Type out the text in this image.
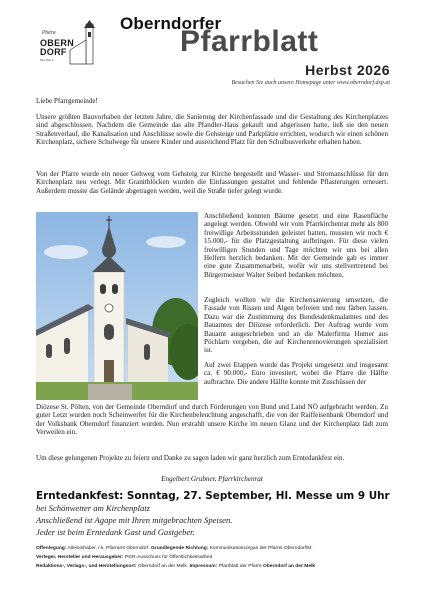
Pfarre
OBERN
DORF
BEI MELK
Oberndorfer
Pfarrblatt
Herbst 2026
Besuchen Sie auch unsere Homepage unter www.oberndorf.dsp.at
Liebe Pfarrgemeinde!
Unsere größten Bauvorhaben der letzten Jahre, die Sanierung der Kirchenfassade und die Gestaltung des Kirchenplatzes sind abgeschlossen. Nachdem die Gemeinde das alte Pfandler-Haus gekauft und abgerissen hatte, ließ sie den neuen Straßenverlauf, die Kanalisation und Anschlüsse sowie die Gehsteige und Parkplätze errichten, wodurch wir einen schönen Kirchenplatz, sichere Schulwege für unsere Kinder und ausreichend Platz für den Schulbusverkehr erhalten haben.
Von der Pfarre wurde ein neuer Gehweg vom Gehsteig zur Kirche hergestellt und Wasser- und Stromanschlüsse für den Kirchenplatz neu verlegt. Mit Granitblöcken wurden die Einfassungen gestaltet und fehlende Pflasterungen erneuert. Außerdem musste das Gelände abgetragen werden, weil die Straße tiefer gelegt wurde.
Anschließend konnten Bäume gesetzt und eine Rasenfläche angelegt werden. Obwohl wir vom Pfarrkirchenrat mehr als 800 freiwillige Arbeitsstunden geleistet hatten, mussten wir noch € 15.000,- für die Platzgestaltung aufbringen. Für diese vielen freiwilligen Stunden und Tage möchten wir uns bei allen Helfern herzlich bedanken. Mit der Gemeinde gab es immer eine gute Zusammenarbeit, wofür wir uns stellvertretend bei Bürgermeister Walter Seiberl bedanken möchten.
Zugleich wollten wir die Kirchensanierung umsetzen, die Fassade von Rissen und Algen befreien und neu färben lassen. Dazu war die Zustimmung des Bundesdenkmalamtes und des Bauamtes der Diözese erforderlich. Der Auftrag wurde vom Bauamt ausgeschrieben und an die Malerfirma Humer aus Pöchlarn vergeben, die auf Kirchenrenovierungen spezialisiert ist.
Auf zwei Etappen wurde das Projekt umgesetzt und insgesamt ca. € 90.000,- Euro investiert, wobei die Pfarre die Hälfte aufbrachte. Die andere Hälfte konnte mit Zuschüssen der
Diözese St. Pölten, von der Gemeinde Oberndorf und durch Förderungen von Bund und Land NÖ aufgebracht werden. Zu guter Letzt wurden noch Scheinwerfer für die Kirchenbeleuchtung angeschafft, die von der Raiffeisenbank Oberndorf und der Volksbank Oberndorf finanziert wurden. Nun erstrahlt unsere Kirche im neuen Glanz und der Kirchenplatz lädt zum Verweilen ein.
Um diese gelungenen Projekte zu feiern und Danke zu sagen laden wir ganz herzlich zum Erntedankfest ein.
Engelbert Grubner, Pfarrkirchenrat
Erntedankfest: Sonntag, 27. September, Hl. Messe um 9 Uhr
bei Schönwetter am Kirchenplatz
Anschließend ist Agape mit Ihren mitgebrachten Speisen.
Jeder ist beim Erntedank Gast und Gastgeber.
Offenlegung: Alleininhaber. r.k. Pfarramt Oberndorf. Grundlegende Richtung: Kommunikationsorgan der Pfarrei Oberndorf/M.
Verleger, Hersteller und Herausgeber: PGR-Ausschuss für Öffentlichkeitsarbeit
Redaktions-, Verlags-, und Herstellungsort: Oberndorf an der Melk. Impressum: Pfarrblatt der Pfarre Oberndorf an der Melk
